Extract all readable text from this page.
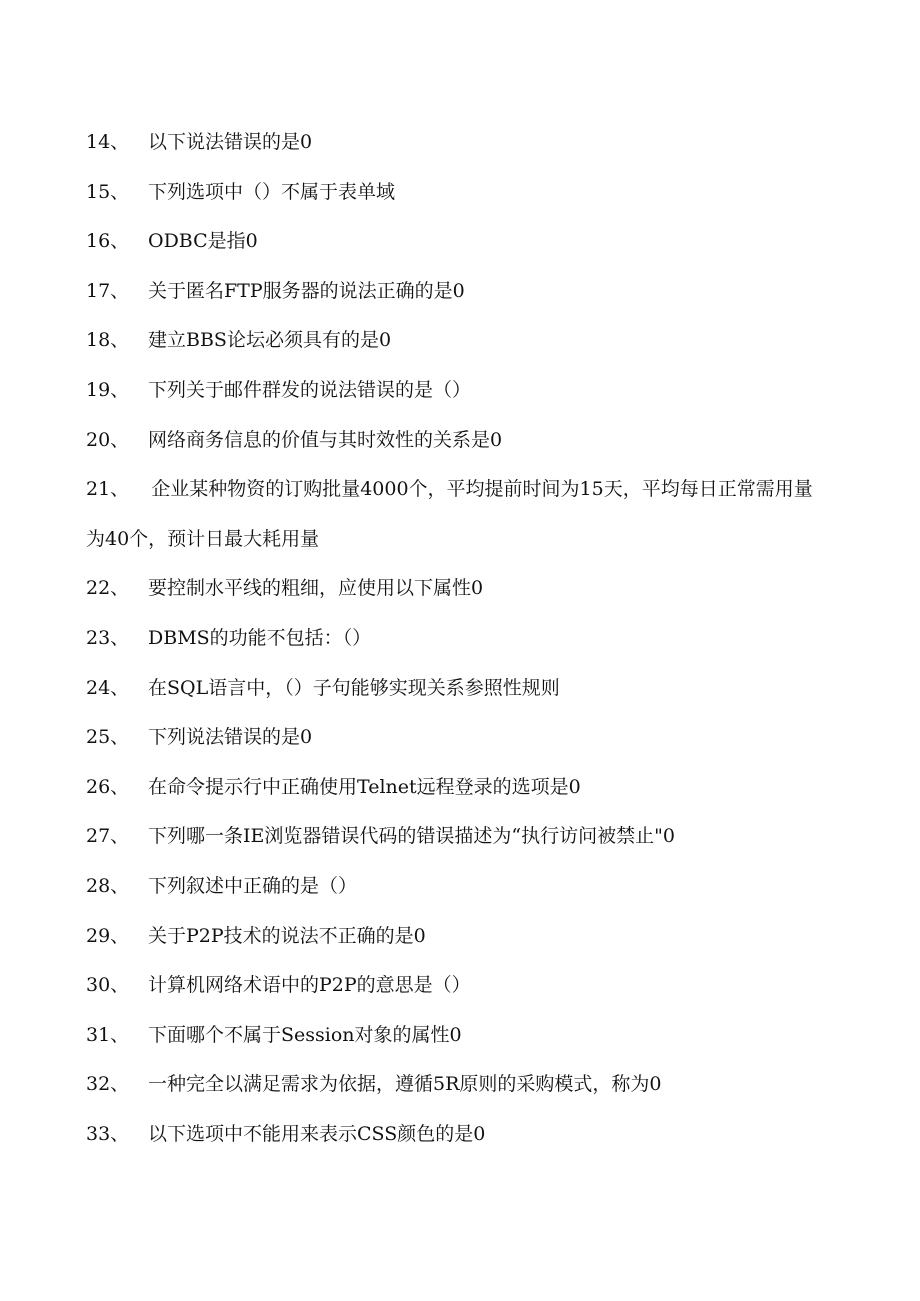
14、 以下说法错误的是0
15、 下列选项中（）不属于表单域
16、 ODBC是指0
17、 关于匿名FTP服务器的说法正确的是0
18、 建立BBS论坛必须具有的是0
19、 下列关于邮件群发的说法错误的是（）
20、 网络商务信息的价值与其时效性的关系是0
21、 企业某种物资的订购批量4000个，平均提前时间为15天，平均每日正常需用量为40个，预计日最大耗用量
22、 要控制水平线的粗细，应使用以下属性0
23、 DBMS的功能不包括：（）
24、 在SQL语言中，（）子句能够实现关系参照性规则
25、 下列说法错误的是0
26、 在命令提示行中正确使用Telnet远程登录的选项是0
27、 下列哪一条IE浏览器错误代码的错误描述为“执行访问被禁止"0
28、 下列叙述中正确的是（）
29、 关于P2P技术的说法不正确的是0
30、 计算机网络术语中的P2P的意思是（）
31、 下面哪个不属于Session对象的属性0
32、 一种完全以满足需求为依据，遵循5R原则的采购模式，称为0
33、 以下选项中不能用来表示CSS颜色的是0
